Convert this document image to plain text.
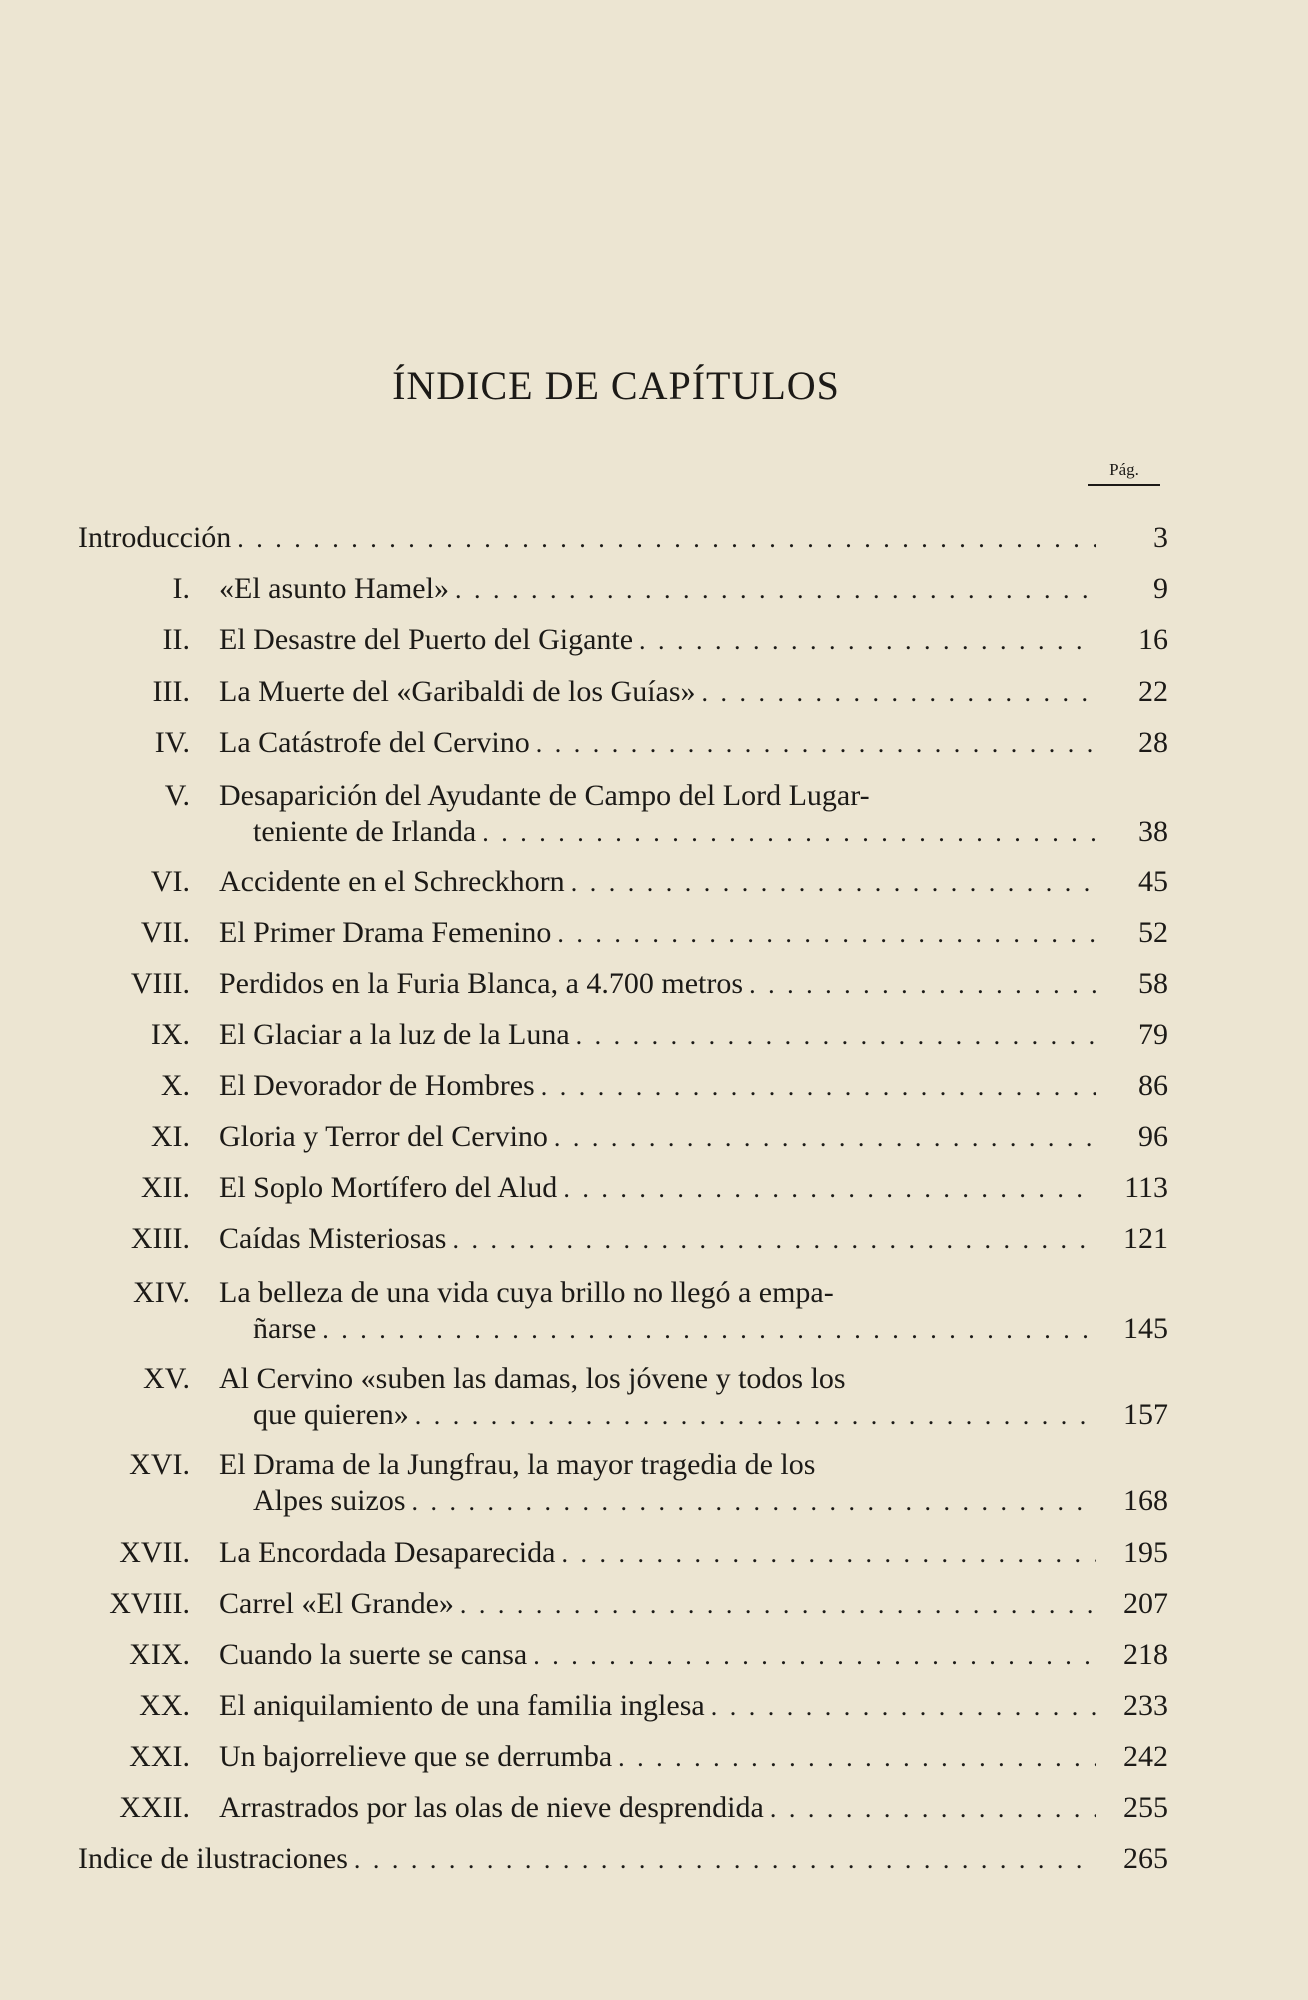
ÍNDICE DE CAPÍTULOS
Pág.
Introducción . . .	3
I. «El asunto Hamel» . . .	9
II. El Desastre del Puerto del Gigante . . .	16
III. La Muerte del «Garibaldi de los Guías» . . .	22
IV. La Catástrofe del Cervino . . .	28
V. Desaparición del Ayudante de Campo del Lord Lugar-
teniente de Irlanda . . .	38
VI. Accidente en el Schreckhorn . . .	45
VII. El Primer Drama Femenino . . .	52
VIII. Perdidos en la Furia Blanca, a 4.700 metros . . .	58
IX. El Glaciar a la luz de la Luna . . .	79
X. El Devorador de Hombres . . .	86
XI. Gloria y Terror del Cervino . . .	96
XII. El Soplo Mortífero del Alud . . .	113
XIII. Caídas Misteriosas . . .	121
XIV. La belleza de una vida cuya brillo no llegó a empa-
ñarse . . .	145
XV. Al Cervino «suben las damas, los jóvene y todos los
que quieren» . . .	157
XVI. El Drama de la Jungfrau, la mayor tragedia de los
Alpes suizos . . .	168
XVII. La Encordada Desaparecida . . .	195
XVIII. Carrel «El Grande» . . .	207
XIX. Cuando la suerte se cansa . . .	218
XX. El aniquilamiento de una familia inglesa . . .	233
XXI. Un bajorrelieve que se derrumba . . .	242
XXII. Arrastrados por las olas de nieve desprendida . . .	255
Indice de ilustraciones . . .	265
